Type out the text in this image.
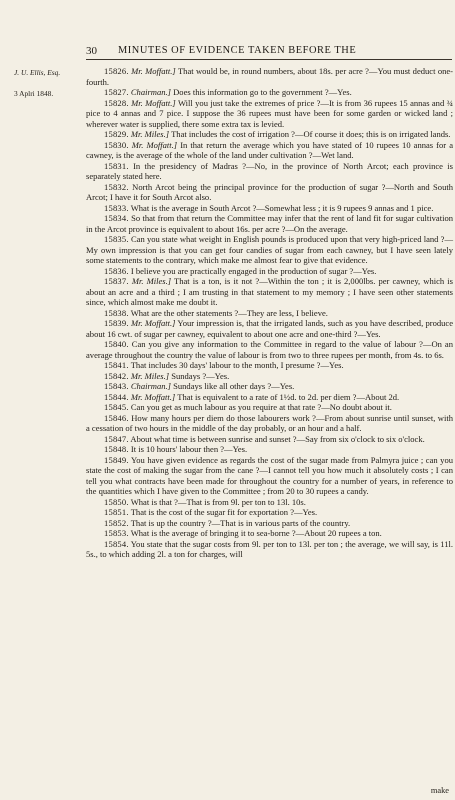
30 MINUTES OF EVIDENCE TAKEN BEFORE THE
J. U. Ellis, Esq.
3 Aplri 1848.

15826. Mr. Moffatt.] That would be, in round numbers, about 18s. per acre ?—You must deduct one-fourth.

15827. Chairman.] Does this information go to the government ?—Yes.

15828. Mr. Moffatt.] Will you just take the extremes of price ?—It is from 36 rupees 15 annas and ¾ pice to 4 annas and 7 pice. I suppose the 36 rupees must have been for some garden or wicked land ; wherever water is supplied, there some extra tax is levied.

15829. Mr. Miles.] That includes the cost of irrigation ?—Of course it does; this is on irrigated lands.

15830. Mr. Moffatt.] In that return the average which you have stated of 10 rupees 10 annas for a cawney, is the average of the whole of the land under cultivation ?—Wet land.

15831. In the presidency of Madras ?—No, in the province of North Arcot; each province is separately stated here.

15832. North Arcot being the principal province for the production of sugar ?—North and South Arcot; I have it for South Arcot also.

15833. What is the average in South Arcot ?—Somewhat less ; it is 9 rupees 9 annas and 1 pice.

15834. So that from that return the Committee may infer that the rent of land fit for sugar cultivation in the Arcot province is equivalent to about 16s. per acre ?—On the average.

15835. Can you state what weight in English pounds is produced upon that very high-priced land ?—My own impression is that you can get four candies of sugar from each cawney, but I have seen lately some statements to the contrary, which make me almost fear to give that evidence.

15836. I believe you are practically engaged in the production of sugar ?—Yes.

15837. Mr. Miles.] That is a ton, is it not ?—Within the ton ; it is 2,000lbs. per cawney, which is about an acre and a third ; I am trusting in that statement to my memory ; I have seen other statements since, which almost make me doubt it.

15838. What are the other statements ?—They are less, I believe.

15839. Mr. Moffatt.] Your impression is, that the irrigated lands, such as you have described, produce about 16 cwt. of sugar per cawney, equivalent to about one acre and one-third ?—Yes.

15840. Can you give any information to the Committee in regard to the value of labour ?—On an average throughout the country the value of labour is from two to three rupees per month, from 4s. to 6s.

15841. That includes 30 days' labour to the month, I presume ?—Yes.

15842. Mr. Miles.] Sundays ?—Yes.

15843. Chairman.] Sundays like all other days ?—Yes.

15844. Mr. Moffatt.] That is equivalent to a rate of 1½d. to 2d. per diem ?—About 2d.

15845. Can you get as much labour as you require at that rate ?—No doubt about it.

15846. How many hours per diem do those labourers work ?—From about sunrise until sunset, with a cessation of two hours in the middle of the day probably, or an hour and a half.

15847. About what time is between sunrise and sunset ?—Say from six o'clock to six o'clock.

15848. It is 10 hours' labour then ?—Yes.

15849. You have given evidence as regards the cost of the sugar made from Palmyra juice ; can you state the cost of making the sugar from the cane ?—I cannot tell you how much it absolutely costs ; I can tell you what contracts have been made for throughout the country for a number of years, in reference to the quantities which I have given to the Committee ; from 20 to 30 rupees a candy.

15850. What is that ?—That is from 9l. per ton to 13l. 10s.

15851. That is the cost of the sugar fit for exportation ?—Yes.

15852. That is up the country ?—That is in various parts of the country.

15853. What is the average of bringing it to sea-borne ?—About 20 rupees a ton.

15854. You state that the sugar costs from 9l. per ton to 13l. per ton ; the average, we will say, is 11l. 5s., to which adding 2l. a ton for charges, will

make
